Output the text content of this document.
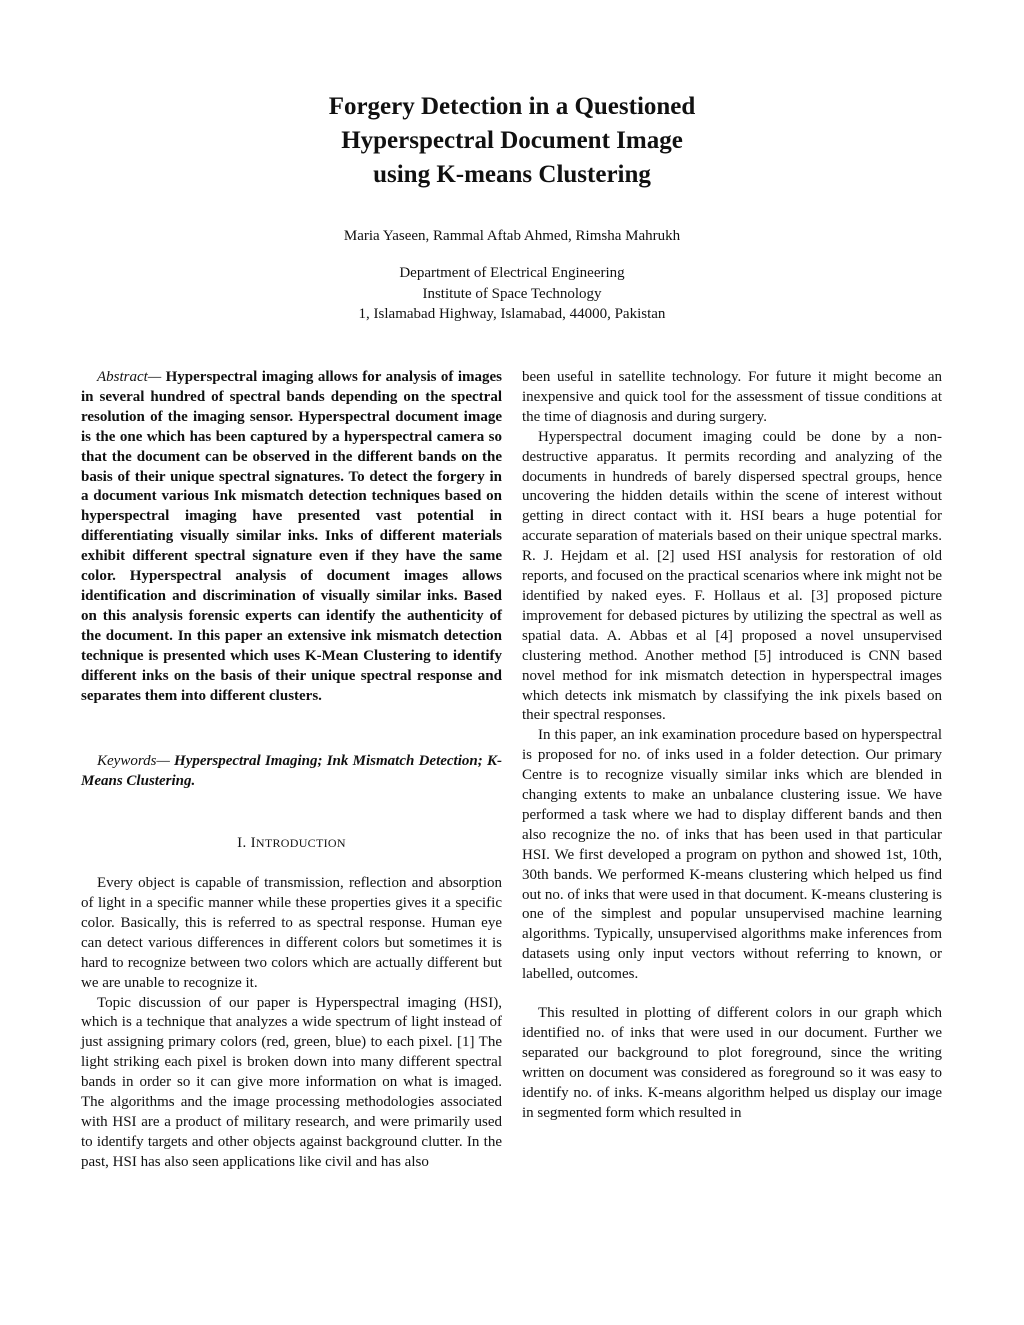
Forgery Detection in a Questioned
Hyperspectral Document Image
using K-means Clustering
Maria Yaseen, Rammal Aftab Ahmed, Rimsha Mahrukh
Department of Electrical Engineering
Institute of Space Technology
1, Islamabad Highway, Islamabad, 44000, Pakistan

Abstract— Hyperspectral imaging allows for analysis of images in several hundred of spectral bands depending on the spectral resolution of the imaging sensor. Hyperspectral document image is the one which has been captured by a hyperspectral camera so that the document can be observed in the different bands on the basis of their unique spectral signatures. To detect the forgery in a document various Ink mismatch detection techniques based on hyperspectral imaging have presented vast potential in differentiating visually similar inks. Inks of different materials exhibit different spectral signature even if they have the same color. Hyperspectral analysis of document images allows identification and discrimination of visually similar inks. Based on this analysis forensic experts can identify the authenticity of the document. In this paper an extensive ink mismatch detection technique is presented which uses K-Mean Clustering to identify different inks on the basis of their unique spectral response and separates them into different clusters.

Keywords— Hyperspectral Imaging; Ink Mismatch Detection; K-Means Clustering.

I. INTRODUCTION

Every object is capable of transmission, reflection and absorption of light in a specific manner while these properties gives it a specific color. Basically, this is referred to as spectral response. Human eye can detect various differences in different colors but sometimes it is hard to recognize between two colors which are actually different but we are unable to recognize it.

Topic discussion of our paper is Hyperspectral imaging (HSI), which is a technique that analyzes a wide spectrum of light instead of just assigning primary colors (red, green, blue) to each pixel. [1] The light striking each pixel is broken down into many different spectral bands in order so it can give more information on what is imaged. The algorithms and the image processing methodologies associated with HSI are a product of military research, and were primarily used to identify targets and other objects against background clutter. In the past, HSI has also seen applications like civil and has also

been useful in satellite technology. For future it might become an inexpensive and quick tool for the assessment of tissue conditions at the time of diagnosis and during surgery.

Hyperspectral document imaging could be done by a non-destructive apparatus. It permits recording and analyzing of the documents in hundreds of barely dispersed spectral groups, hence uncovering the hidden details within the scene of interest without getting in direct contact with it. HSI bears a huge potential for accurate separation of materials based on their unique spectral marks. R. J. Hejdam et al. [2] used HSI analysis for restoration of old reports, and focused on the practical scenarios where ink might not be identified by naked eyes. F. Hollaus et al. [3] proposed picture improvement for debased pictures by utilizing the spectral as well as spatial data. A. Abbas et al [4] proposed a novel unsupervised clustering method. Another method [5] introduced is CNN based novel method for ink mismatch detection in hyperspectral images which detects ink mismatch by classifying the ink pixels based on their spectral responses.

In this paper, an ink examination procedure based on hyperspectral is proposed for no. of inks used in a folder detection. Our primary Centre is to recognize visually similar inks which are blended in changing extents to make an unbalance clustering issue. We have performed a task where we had to display different bands and then also recognize the no. of inks that has been used in that particular HSI. We first developed a program on python and showed 1st, 10th, 30th bands. We performed K-means clustering which helped us find out no. of inks that were used in that document. K-means clustering is one of the simplest and popular unsupervised machine learning algorithms. Typically, unsupervised algorithms make inferences from datasets using only input vectors without referring to known, or labelled, outcomes.

This resulted in plotting of different colors in our graph which identified no. of inks that were used in our document. Further we separated our background to plot foreground, since the writing written on document was considered as foreground so it was easy to identify no. of inks. K-means algorithm helped us display our image in segmented form which resulted in
